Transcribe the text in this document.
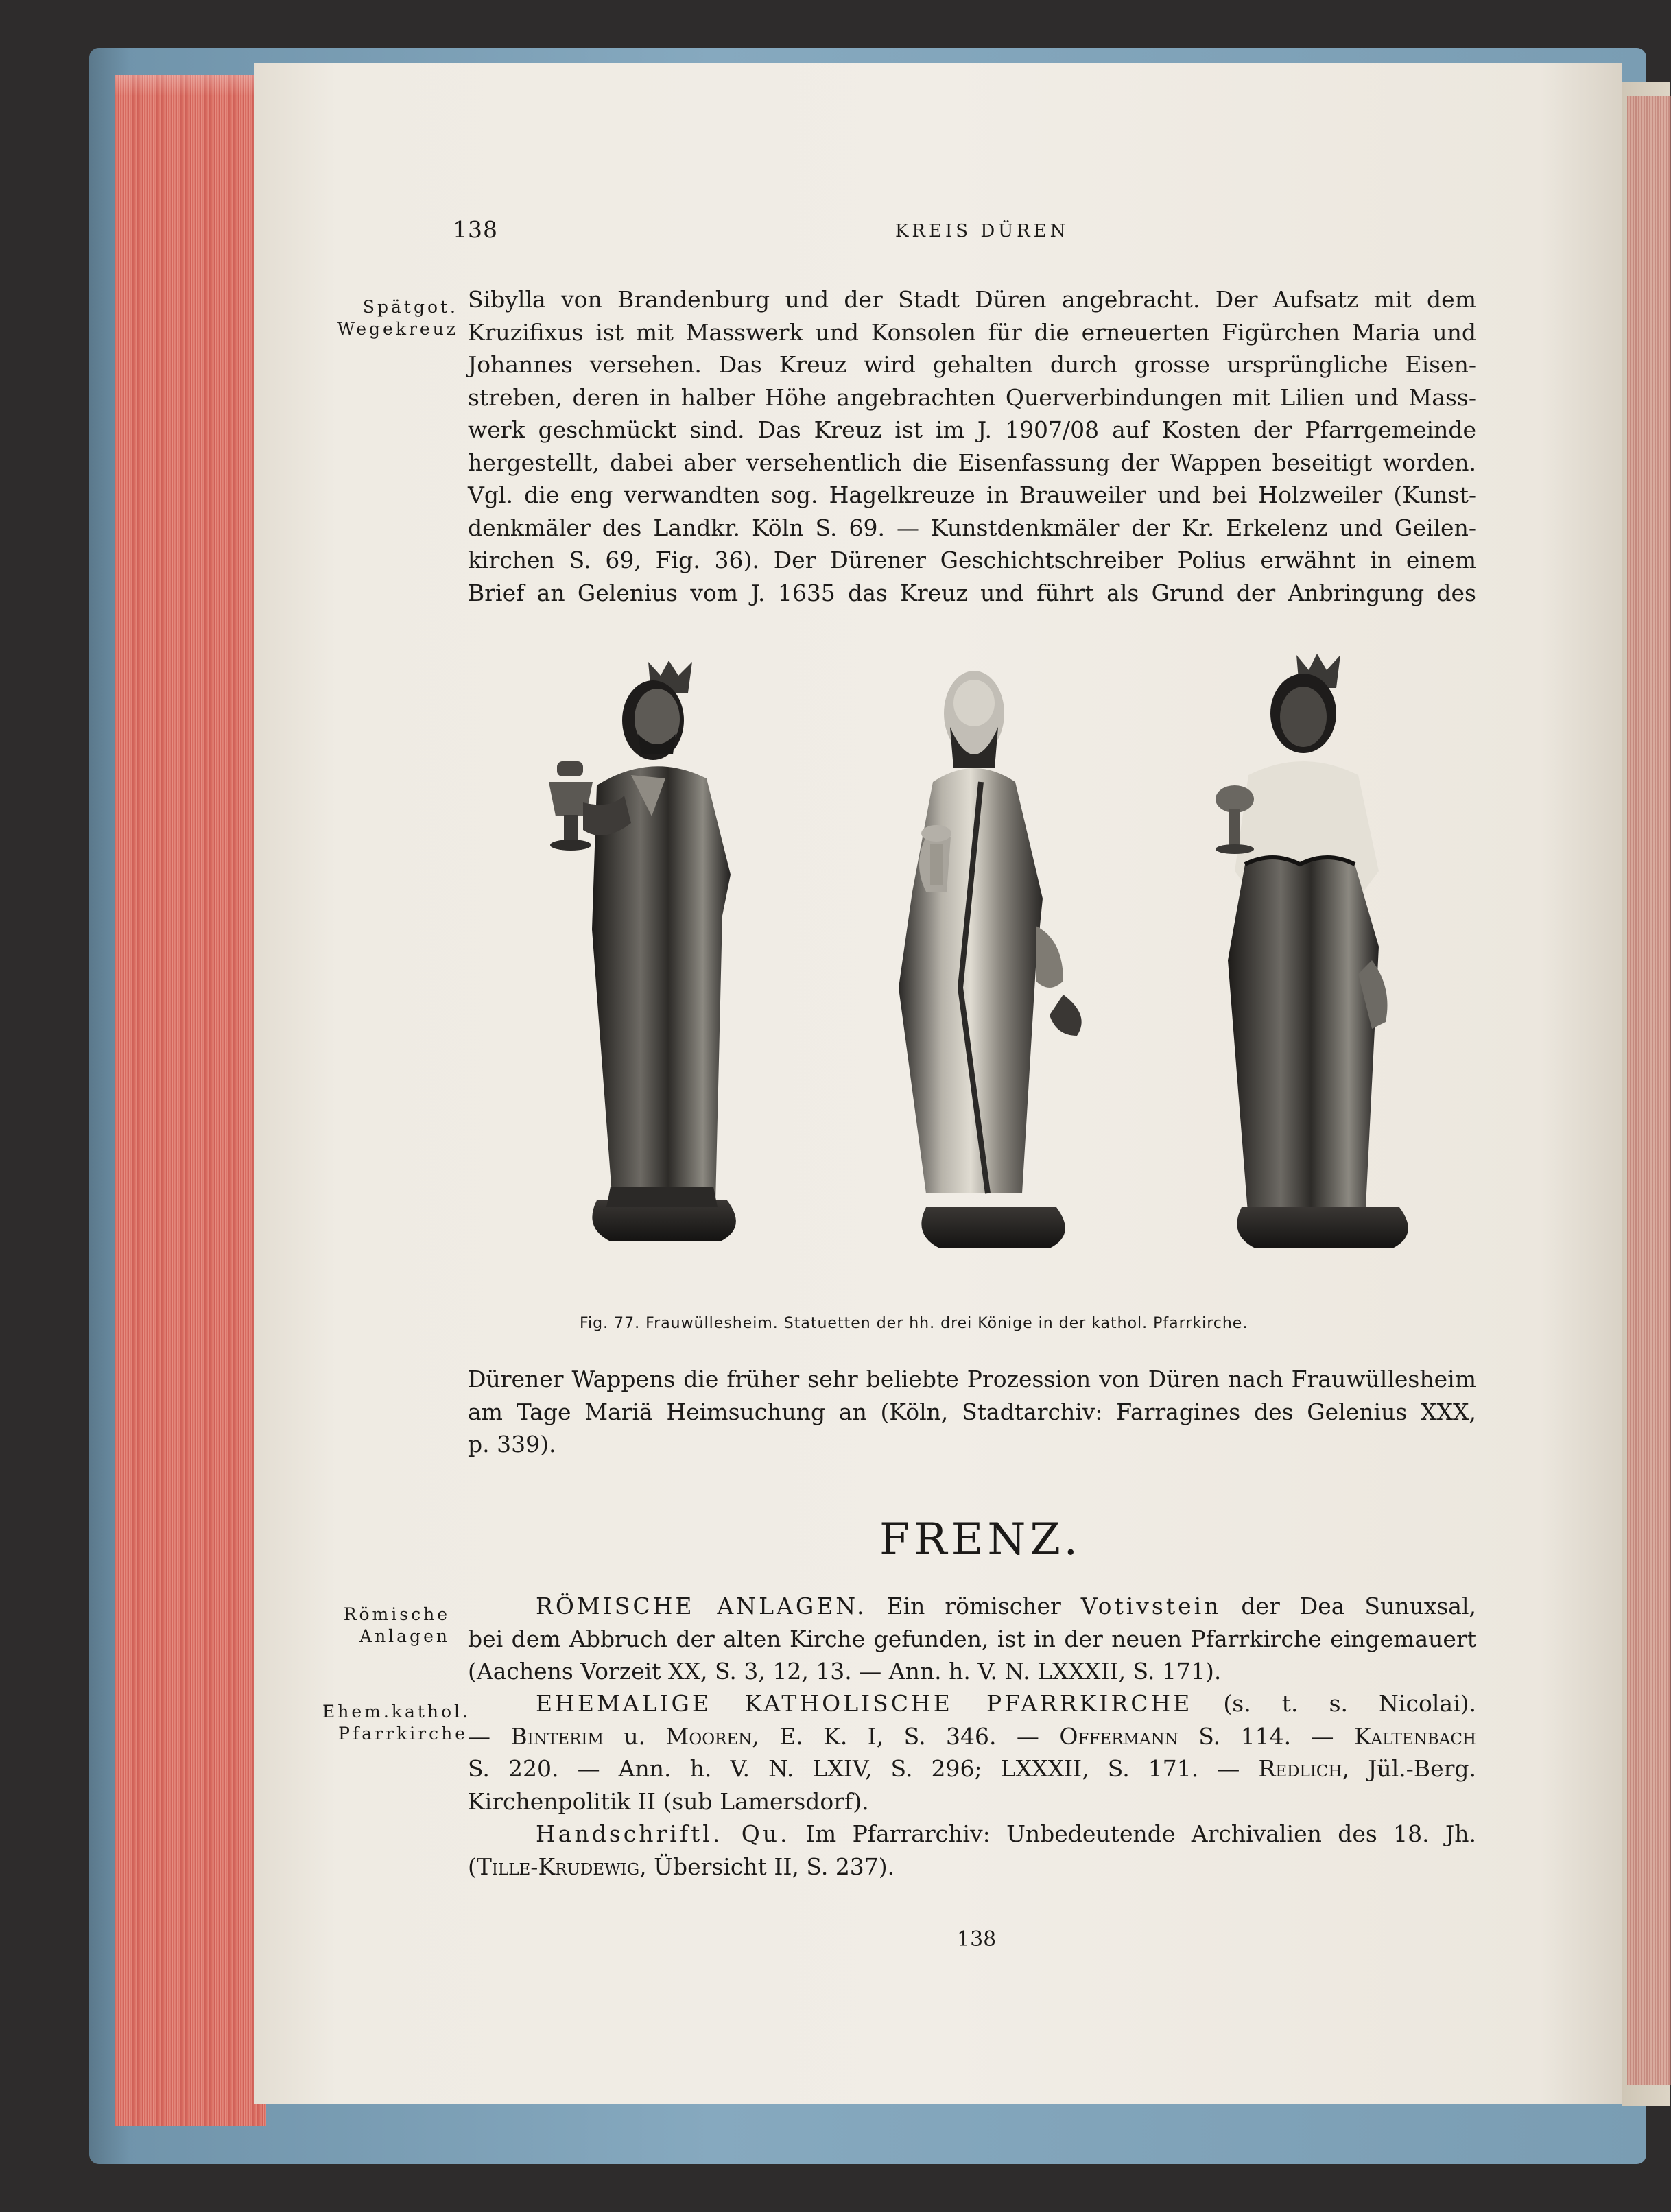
138	KREIS DÜREN

Spätgot.
Wegekreuz
Sibylla von Brandenburg und der Stadt Düren angebracht. Der Aufsatz mit dem
Kruzifixus ist mit Masswerk und Konsolen für die erneuerten Figürchen Maria und
Johannes versehen. Das Kreuz wird gehalten durch grosse ursprüngliche Eisen-
streben, deren in halber Höhe angebrachten Querverbindungen mit Lilien und Mass-
werk geschmückt sind. Das Kreuz ist im J. 1907/08 auf Kosten der Pfarrgemeinde
hergestellt, dabei aber versehentlich die Eisenfassung der Wappen beseitigt worden.
Vgl. die eng verwandten sog. Hagelkreuze in Brauweiler und bei Holzweiler (Kunst-
denkmäler des Landkr. Köln S. 69. — Kunstdenkmäler der Kr. Erkelenz und Geilen-
kirchen S. 69, Fig. 36). Der Dürener Geschichtschreiber Polius erwähnt in einem
Brief an Gelenius vom J. 1635 das Kreuz und führt als Grund der Anbringung des

Fig. 77. Frauwüllesheim. Statuetten der hh. drei Könige in der kathol. Pfarrkirche.

Dürener Wappens die früher sehr beliebte Prozession von Düren nach Frauwüllesheim
am Tage Mariä Heimsuchung an (Köln, Stadtarchiv: Farragines des Gelenius XXX,
p. 339).

FRENZ.

Römische
Anlagen
   RÖMISCHE ANLAGEN. Ein römischer Votivstein der Dea Sunuxsal,
bei dem Abbruch der alten Kirche gefunden, ist in der neuen Pfarrkirche eingemauert
(Aachens Vorzeit XX, S. 3, 12, 13. — Ann. h. V. N. LXXXII, S. 171).
Ehem.kathol.
Pfarrkirche
   EHEMALIGE KATHOLISCHE PFARRKIRCHE (s. t. s. Nicolai).
— Binterim u. Mooren, E. K. I, S. 346. — Offermann S. 114. — Kaltenbach
S. 220. — Ann. h. V. N. LXIV, S. 296; LXXXII, S. 171. — Redlich, Jül.-Berg.
Kirchenpolitik II (sub Lamersdorf).
   Handschriftl. Qu. Im Pfarrarchiv: Unbedeutende Archivalien des 18. Jh.
(Tille-Krudewig, Übersicht II, S. 237).

138
